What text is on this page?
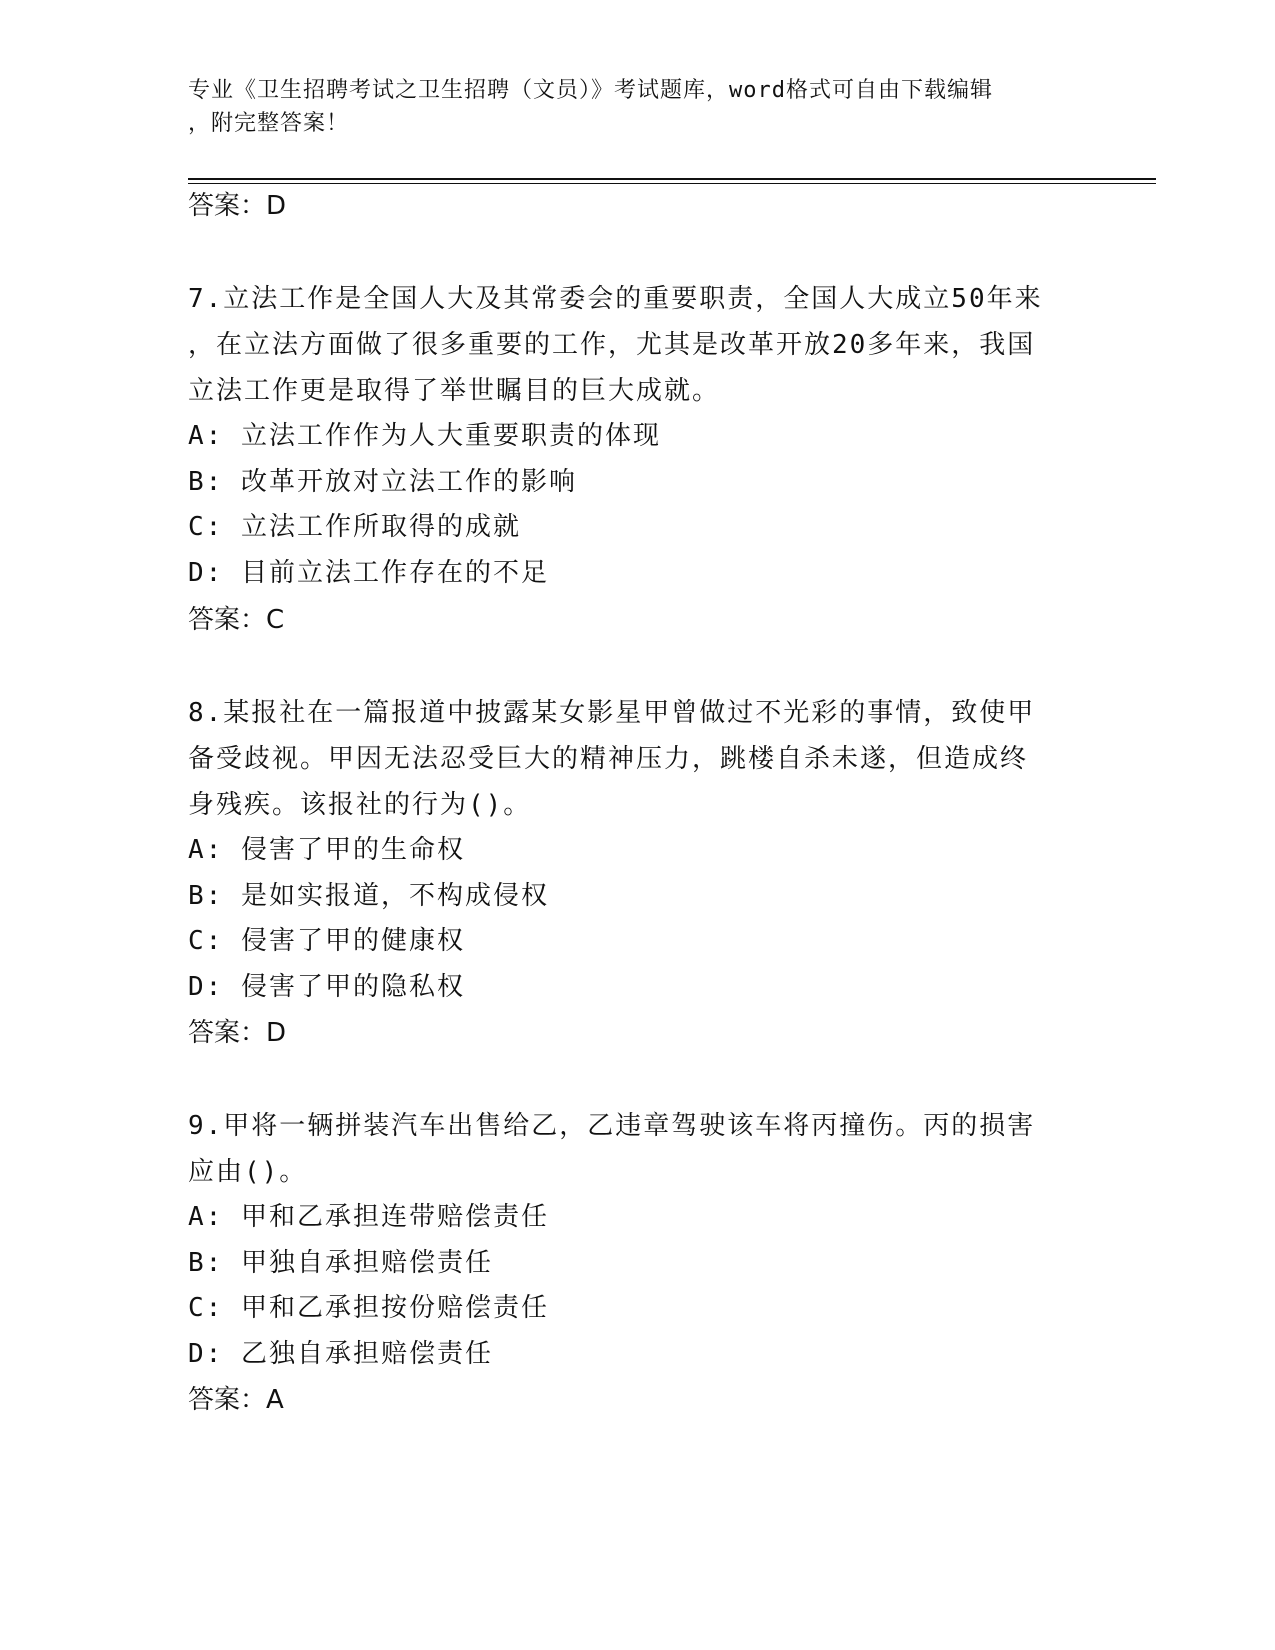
专业《卫生招聘考试之卫生招聘（文员）》考试题库，word格式可自由下载编辑
，附完整答案！
答案：D
7.立法工作是全国人大及其常委会的重要职责，全国人大成立50年来
，在立法方面做了很多重要的工作，尤其是改革开放20多年来，我国
立法工作更是取得了举世瞩目的巨大成就。
A: 立法工作作为人大重要职责的体现
B: 改革开放对立法工作的影响
C: 立法工作所取得的成就
D: 目前立法工作存在的不足
答案：C
8.某报社在一篇报道中披露某女影星甲曾做过不光彩的事情，致使甲
备受歧视。甲因无法忍受巨大的精神压力，跳楼自杀未遂，但造成终
身残疾。该报社的行为()。
A: 侵害了甲的生命权
B: 是如实报道，不构成侵权
C: 侵害了甲的健康权
D: 侵害了甲的隐私权
答案：D
9.甲将一辆拼装汽车出售给乙，乙违章驾驶该车将丙撞伤。丙的损害
应由()。
A: 甲和乙承担连带赔偿责任
B: 甲独自承担赔偿责任
C: 甲和乙承担按份赔偿责任
D: 乙独自承担赔偿责任
答案：A
